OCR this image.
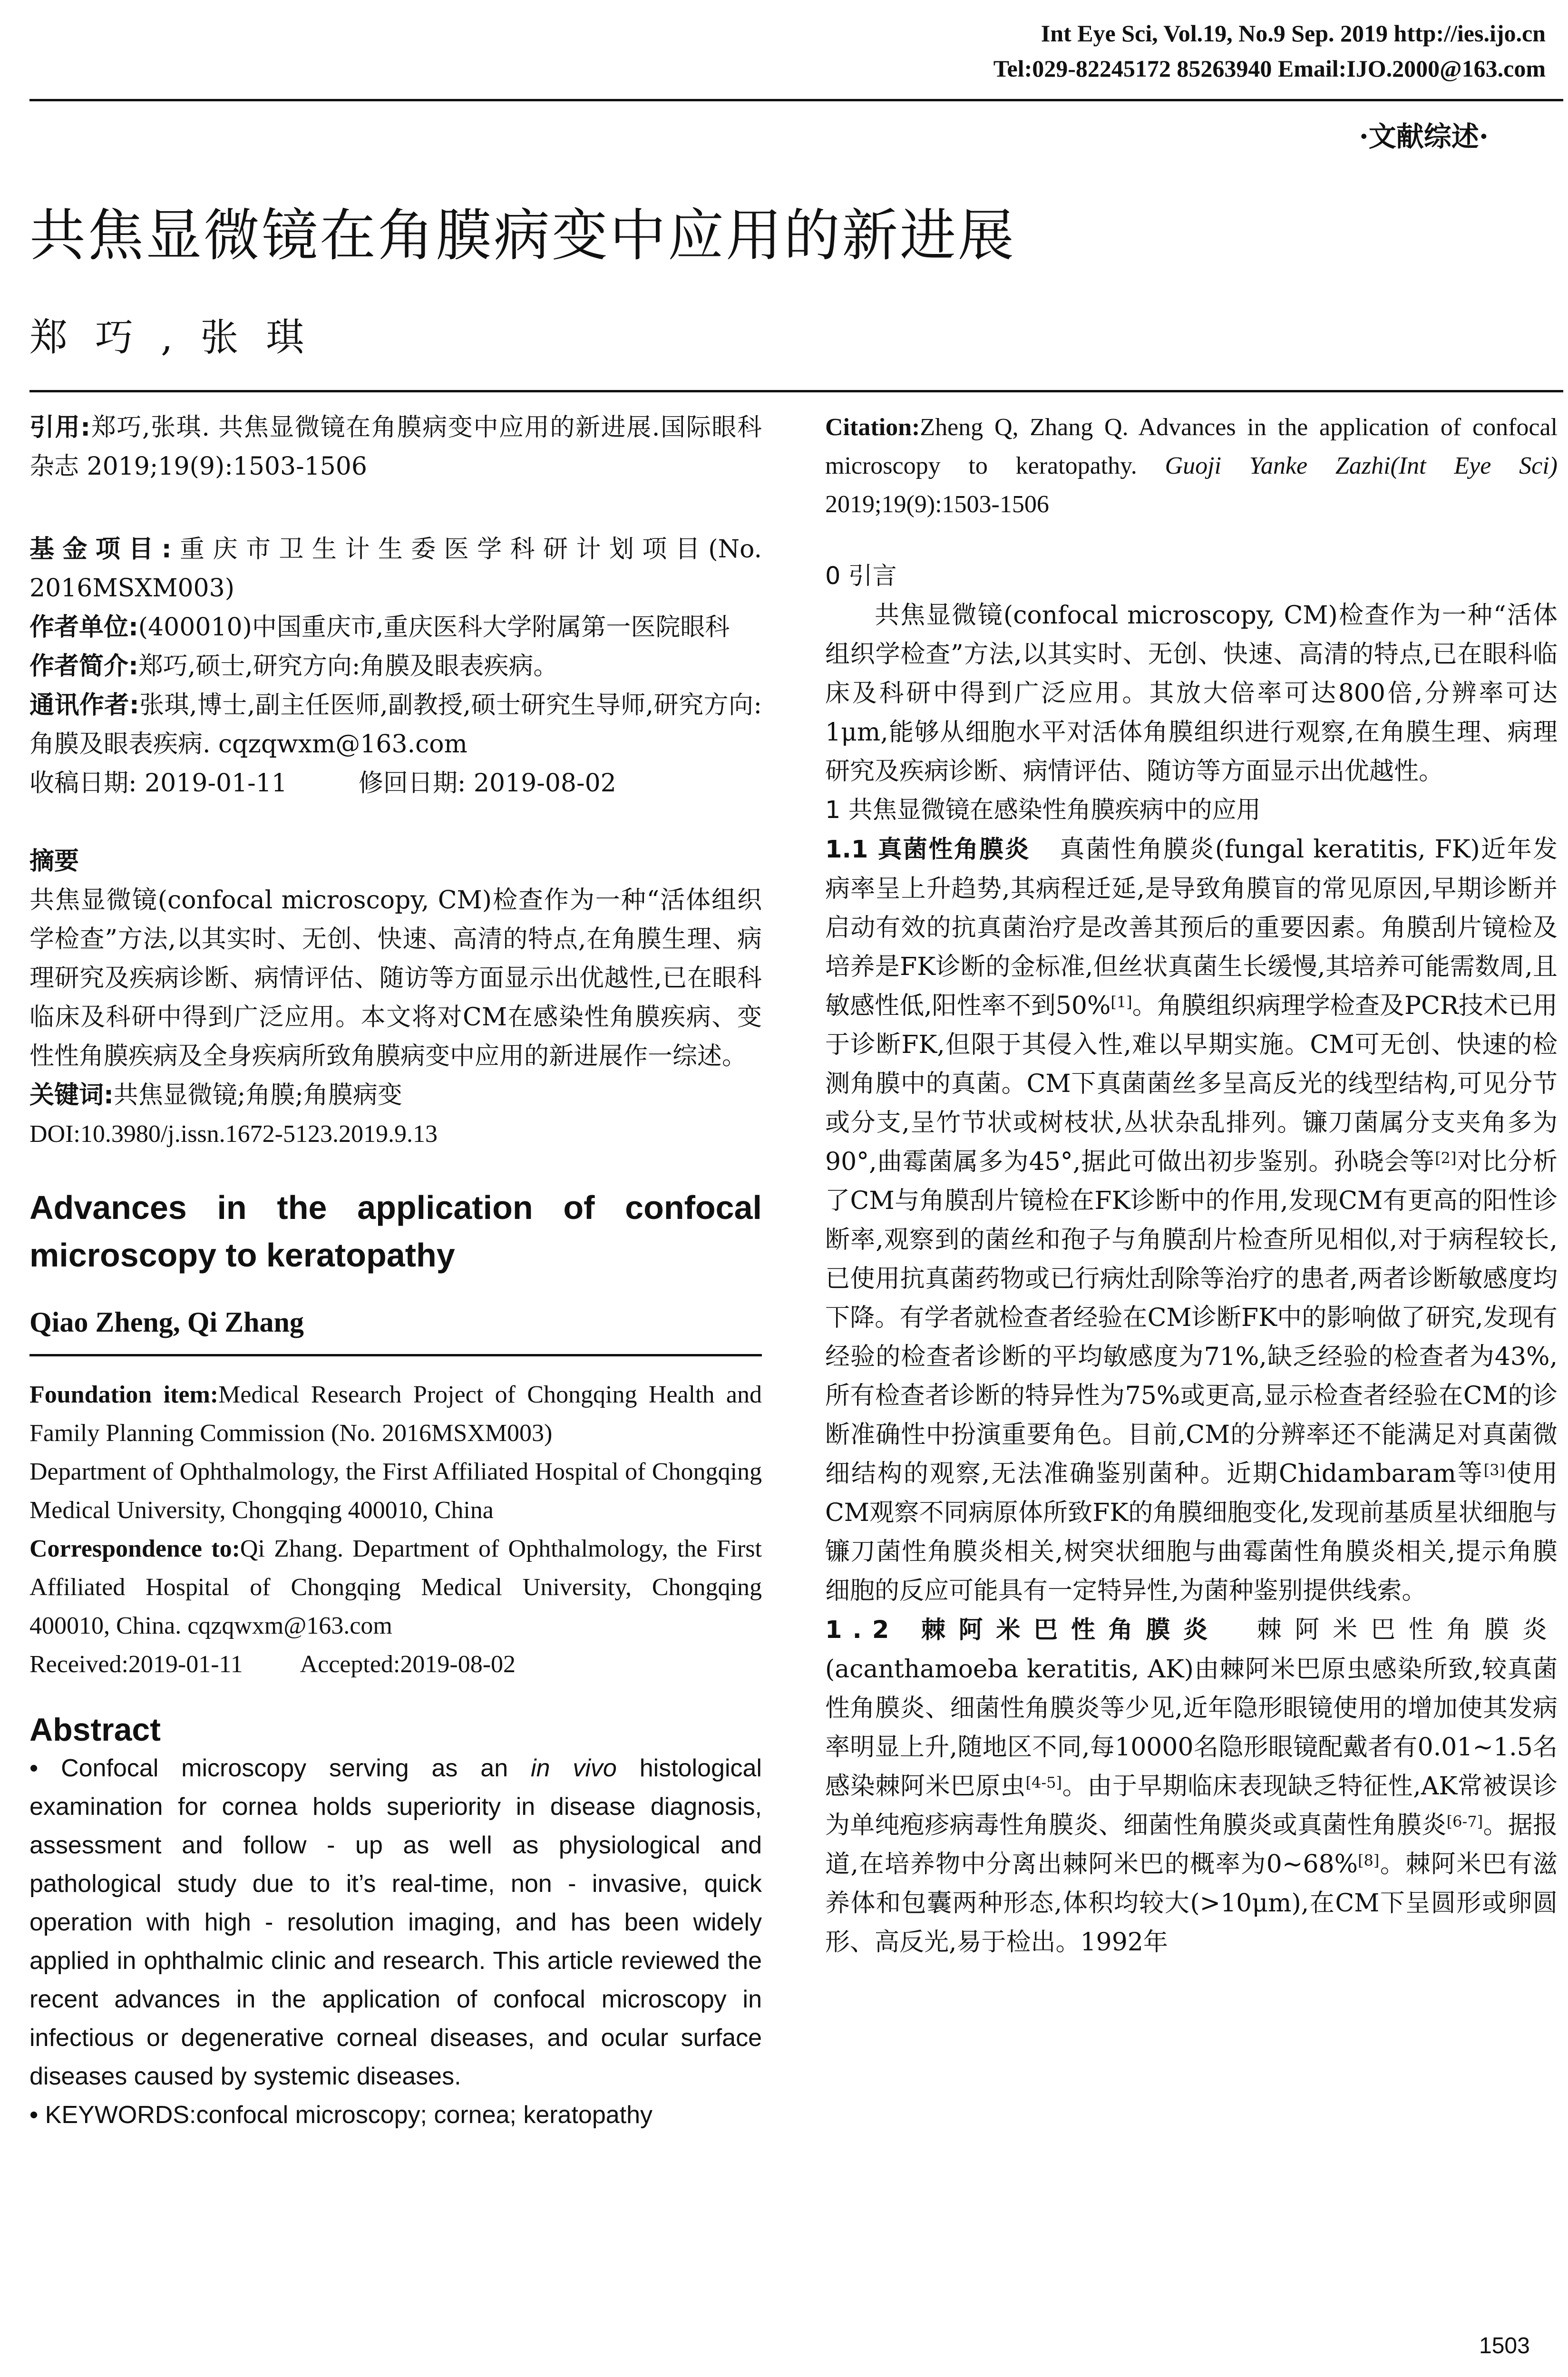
Int Eye Sci, Vol.19, No.9 Sep. 2019 http://ies.ijo.cn
Tel:029-82245172 85263940 Email:IJO.2000@163.com
·文献综述·
共焦显微镜在角膜病变中应用的新进展
郑巧,张琪

引用:郑巧,张琪. 共焦显微镜在角膜病变中应用的新进展.国际眼科杂志 2019;19(9):1503-1506

基金项目:重庆市卫生计生委医学科研计划项目(No. 2016MSXM003)

作者单位:(400010)中国重庆市,重庆医科大学附属第一医院眼科

作者简介:郑巧,硕士,研究方向:角膜及眼表疾病。

通讯作者:张琪,博士,副主任医师,副教授,硕士研究生导师,研究方向:角膜及眼表疾病. cqzqwxm@163.com

收稿日期: 2019-01-11	修回日期: 2019-08-02

摘要

共焦显微镜(confocal microscopy, CM)检查作为一种“活体组织学检查”方法,以其实时、无创、快速、高清的特点,在角膜生理、病理研究及疾病诊断、病情评估、随访等方面显示出优越性,已在眼科临床及科研中得到广泛应用。本文将对CM在感染性角膜疾病、变性性角膜疾病及全身疾病所致角膜病变中应用的新进展作一综述。

关键词:共焦显微镜;角膜;角膜病变

DOI:10.3980/j.issn.1672-5123.2019.9.13

Advances in the application of confocal microscopy to keratopathy

Qiao Zheng, Qi Zhang

Foundation item:Medical Research Project of Chongqing Health and Family Planning Commission (No. 2016MSXM003)

Department of Ophthalmology, the First Affiliated Hospital of Chongqing Medical University, Chongqing 400010, China

Correspondence to:Qi Zhang. Department of Ophthalmology, the First Affiliated Hospital of Chongqing Medical University, Chongqing 400010, China. cqzqwxm@163.com

Received:2019-01-11 Accepted:2019-08-02

Abstract

• Confocal microscopy serving as an in vivo histological examination for cornea holds superiority in disease diagnosis, assessment and follow - up as well as physiological and pathological study due to it’s real-time, non - invasive, quick operation with high - resolution imaging, and has been widely applied in ophthalmic clinic and research. This article reviewed the recent advances in the application of confocal microscopy in infectious or degenerative corneal diseases, and ocular surface diseases caused by systemic diseases.

• KEYWORDS:confocal microscopy; cornea; keratopathy

Citation:Zheng Q, Zhang Q. Advances in the application of confocal microscopy to keratopathy. Guoji Yanke Zazhi(Int Eye Sci) 2019;19(9):1503-1506

0 引言

共焦显微镜(confocal microscopy, CM)检查作为一种“活体组织学检查”方法,以其实时、无创、快速、高清的特点,已在眼科临床及科研中得到广泛应用。其放大倍率可达800倍,分辨率可达1μm,能够从细胞水平对活体角膜组织进行观察,在角膜生理、病理研究及疾病诊断、病情评估、随访等方面显示出优越性。

1 共焦显微镜在感染性角膜疾病中的应用

1.1 真菌性角膜炎 真菌性角膜炎(fungal keratitis, FK)近年发病率呈上升趋势,其病程迁延,是导致角膜盲的常见原因,早期诊断并启动有效的抗真菌治疗是改善其预后的重要因素。角膜刮片镜检及培养是FK诊断的金标准,但丝状真菌生长缓慢,其培养可能需数周,且敏感性低,阳性率不到50%[1]。角膜组织病理学检查及PCR技术已用于诊断FK,但限于其侵入性,难以早期实施。CM可无创、快速的检测角膜中的真菌。CM下真菌菌丝多呈高反光的线型结构,可见分节或分支,呈竹节状或树枝状,丛状杂乱排列。镰刀菌属分支夹角多为90°,曲霉菌属多为45°,据此可做出初步鉴别。孙晓会等[2]对比分析了CM与角膜刮片镜检在FK诊断中的作用,发现CM有更高的阳性诊断率,观察到的菌丝和孢子与角膜刮片检查所见相似,对于病程较长,已使用抗真菌药物或已行病灶刮除等治疗的患者,两者诊断敏感度均下降。有学者就检查者经验在CM诊断FK中的影响做了研究,发现有经验的检查者诊断的平均敏感度为71%,缺乏经验的检查者为43%,所有检查者诊断的特异性为75%或更高,显示检查者经验在CM的诊断准确性中扮演重要角色。目前,CM的分辨率还不能满足对真菌微细结构的观察,无法准确鉴别菌种。近期Chidambaram等[3]使用CM观察不同病原体所致FK的角膜细胞变化,发现前基质星状细胞与镰刀菌性角膜炎相关,树突状细胞与曲霉菌性角膜炎相关,提示角膜细胞的反应可能具有一定特异性,为菌种鉴别提供线索。

1.2 棘阿米巴性角膜炎 棘阿米巴性角膜炎(acanthamoeba keratitis, AK)由棘阿米巴原虫感染所致,较真菌性角膜炎、细菌性角膜炎等少见,近年隐形眼镜使用的增加使其发病率明显上升,随地区不同,每10000名隐形眼镜配戴者有0.01~1.5名感染棘阿米巴原虫[4-5]。由于早期临床表现缺乏特征性,AK常被误诊为单纯疱疹病毒性角膜炎、细菌性角膜炎或真菌性角膜炎[6-7]。据报道,在培养物中分离出棘阿米巴的概率为0~68%[8]。棘阿米巴有滋养体和包囊两种形态,体积均较大(>10μm),在CM下呈圆形或卵圆形、高反光,易于检出。1992年

1503
